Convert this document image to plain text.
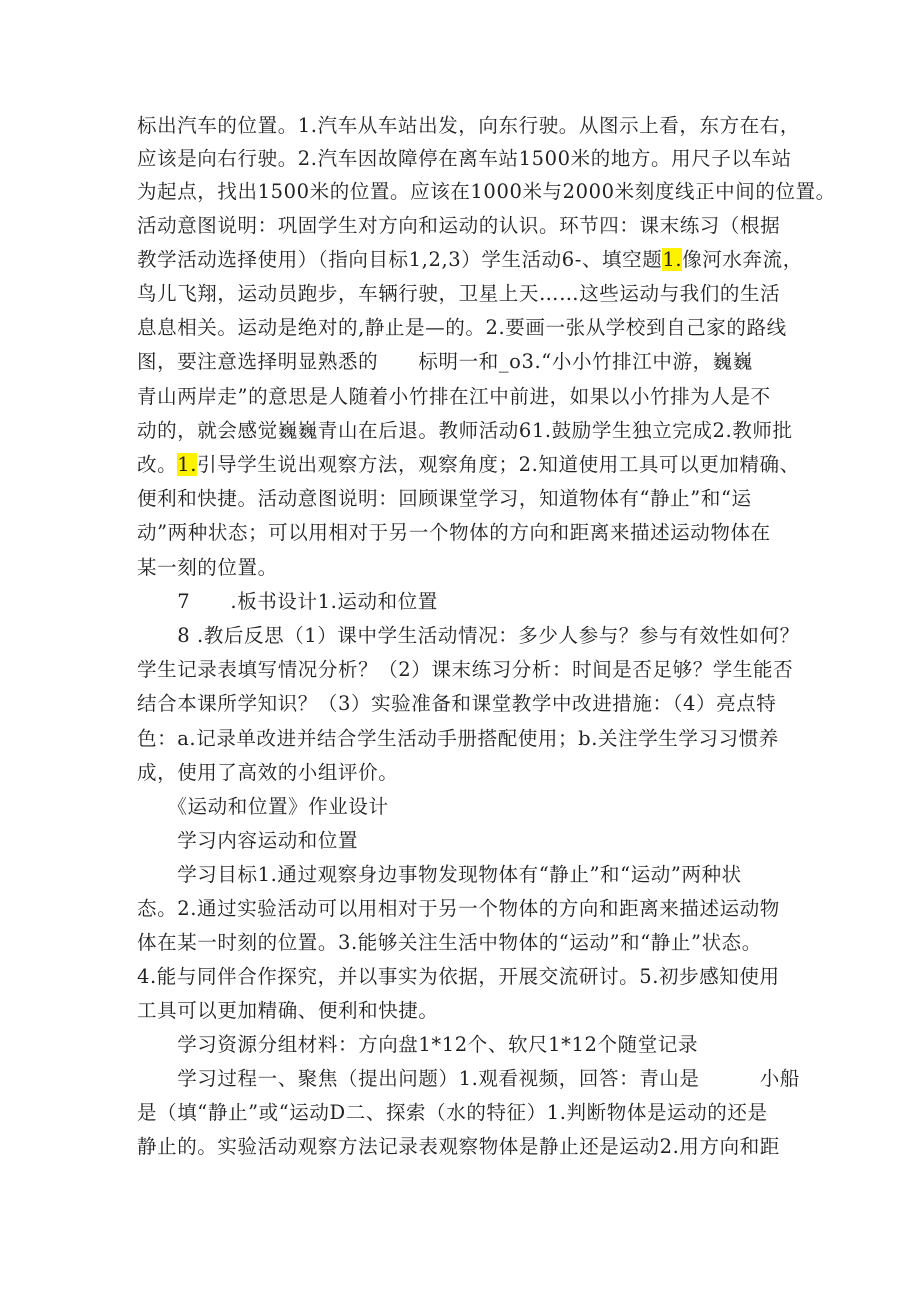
标出汽车的位置。1.汽车从车站出发，向东行驶。从图示上看，东方在右，
应该是向右行驶。2.汽车因故障停在离车站1500米的地方。用尺子以车站
为起点，找出1500米的位置。应该在1000米与2000米刻度线正中间的位置。
活动意图说明：巩固学生对方向和运动的认识。环节四：课末练习（根据
教学活动选择使用）（指向目标1,2,3）学生活动6-、填空题1.像河水奔流，
鸟儿飞翔，运动员跑步，车辆行驶，卫星上天……这些运动与我们的生活
息息相关。运动是绝对的,静止是—的。2.要画一张从学校到自己家的路线
图，要注意选择明显熟悉的　　标明一和_o3.“小小竹排江中游，巍巍
青山两岸走”的意思是人随着小竹排在江中前进，如果以小竹排为人是不
动的，就会感觉巍巍青山在后退。教师活动61.鼓励学生独立完成2.教师批
改。1.引导学生说出观察方法，观察角度；2.知道使用工具可以更加精确、
便利和快捷。活动意图说明：回顾课堂学习，知道物体有“静止”和“运
动”两种状态；可以用相对于另一个物体的方向和距离来描述运动物体在
某一刻的位置。
　　7　　.板书设计1.运动和位置
　　8 .教后反思（1）课中学生活动情况：多少人参与？参与有效性如何？
学生记录表填写情况分析？（2）课末练习分析：时间是否足够？学生能否
结合本课所学知识？（3）实验准备和课堂教学中改进措施：（4）亮点特
色：a.记录单改进并结合学生活动手册搭配使用；b.关注学生学习习惯养
成，使用了高效的小组评价。
　　《运动和位置》作业设计
　　学习内容运动和位置
　　学习目标1.通过观察身边事物发现物体有“静止”和“运动”两种状
态。2.通过实验活动可以用相对于另一个物体的方向和距离来描述运动物
体在某一时刻的位置。3.能够关注生活中物体的“运动”和“静止”状态。
4.能与同伴合作探究，并以事实为依据，开展交流研讨。5.初步感知使用
工具可以更加精确、便利和快捷。
　　学习资源分组材料：方向盘1*12个、软尺1*12个随堂记录
　　学习过程一、聚焦（提出问题）1.观看视频，回答：青山是　　　小船
是（填“静止”或“运动D二、探索（水的特征）1.判断物体是运动的还是
静止的。实验活动观察方法记录表观察物体是静止还是运动2.用方向和距
